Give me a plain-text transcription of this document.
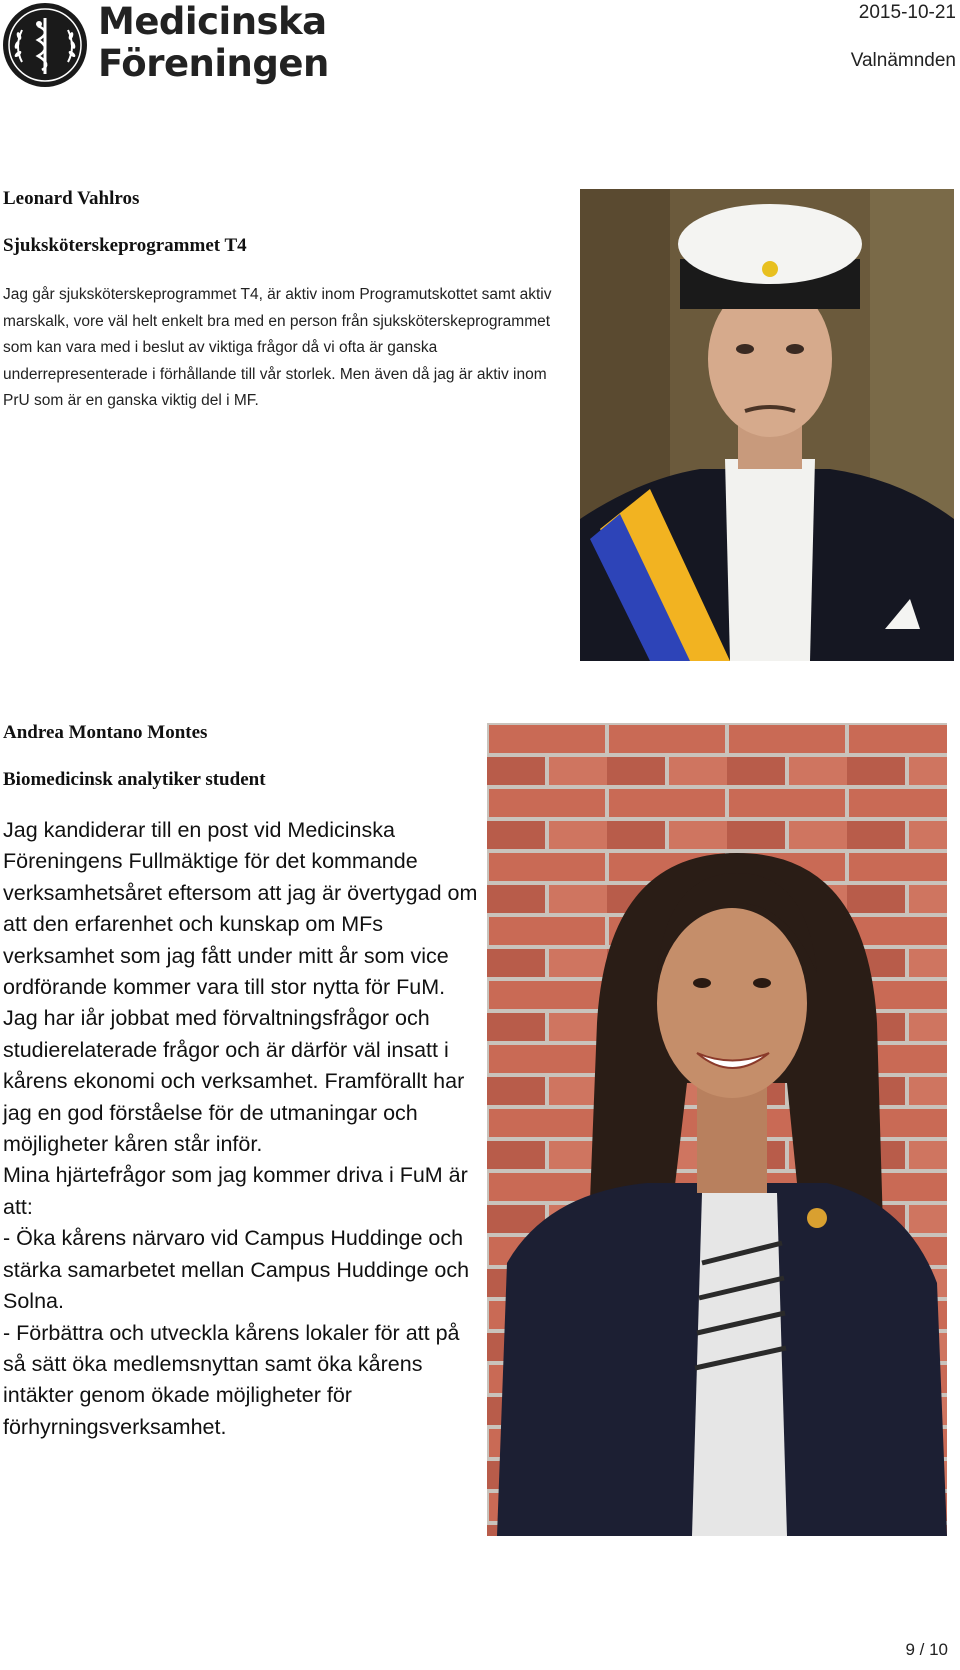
Medicinska
Föreningen
2015-10-21
Valnämnden
Leonard Vahlros
Sjuksköterskeprogrammet T4
Jag går sjuksköterskeprogrammet T4, är aktiv inom Programutskottet samt aktiv marskalk, vore väl helt enkelt bra med en person från sjuksköterskeprogrammet som kan vara med i beslut av viktiga frågor då vi ofta är ganska underrepresenterade i förhållande till vår storlek. Men även då jag är aktiv inom PrU som är en ganska viktig del i MF.
Andrea Montano Montes
Biomedicinsk analytiker student

Jag kandiderar till en post vid Medicinska Föreningens Fullmäktige för det kommande verksamhetsåret eftersom att jag är övertygad om att den erfarenhet och kunskap om MFs verksamhet som jag fått under mitt år som vice ordförande kommer vara till stor nytta för FuM. Jag har iår jobbat med förvaltningsfrågor och studierelaterade frågor och är därför väl insatt i kårens ekonomi och verksamhet. Framförallt har jag en god förståelse för de utmaningar och möjligheter kåren står inför.

Mina hjärtefrågor som jag kommer driva i FuM är att:

- Öka kårens närvaro vid Campus Huddinge och stärka samarbetet mellan Campus Huddinge och Solna.

- Förbättra och utveckla kårens lokaler för att på så sätt öka medlemsnyttan samt öka kårens intäkter genom ökade möjligheter för förhyrningsverksamhet.

9 / 10
